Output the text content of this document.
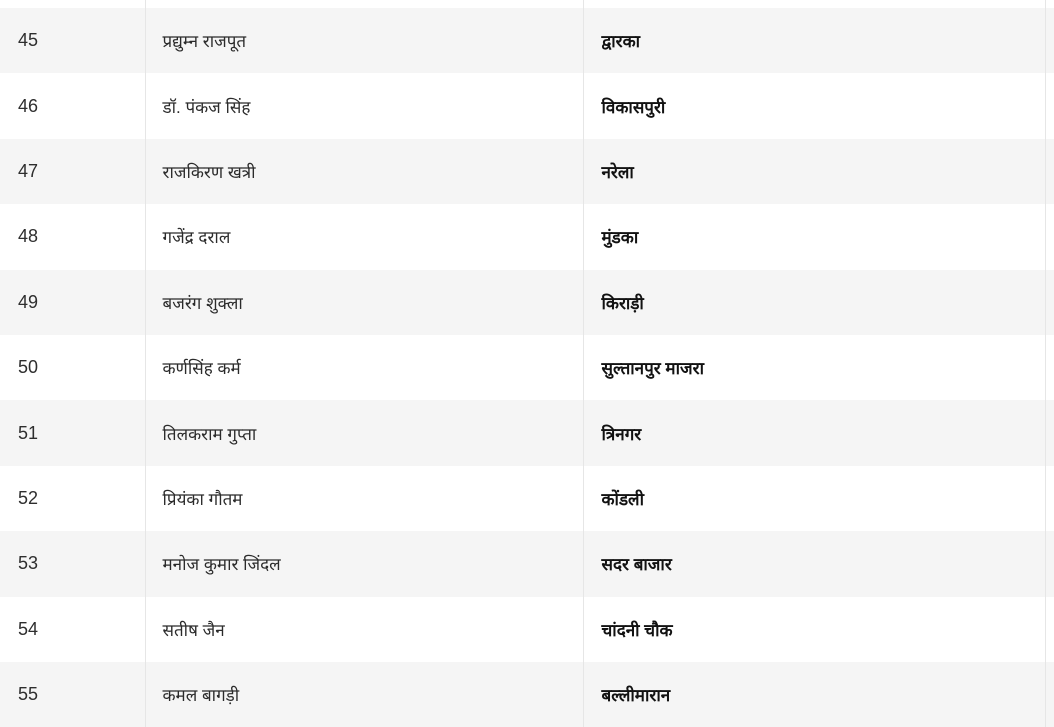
45	प्रद्युम्न राजपूत	द्वारका	
46	डॉ. पंकज सिंह	विकासपुरी	
47	राजकिरण खत्री	नरेला	
48	गजेंद्र दराल	मुंडका	
49	बजरंग शुक्ला	किराड़ी	
50	कर्णसिंह कर्म	सुल्तानपुर माजरा	
51	तिलकराम गुप्ता	त्रिनगर	
52	प्रियंका गौतम	कोंडली	
53	मनोज कुमार जिंदल	सदर बाजार	
54	सतीष जैन	चांदनी चौक	
55	कमल बागड़ी	बल्लीमारान	
